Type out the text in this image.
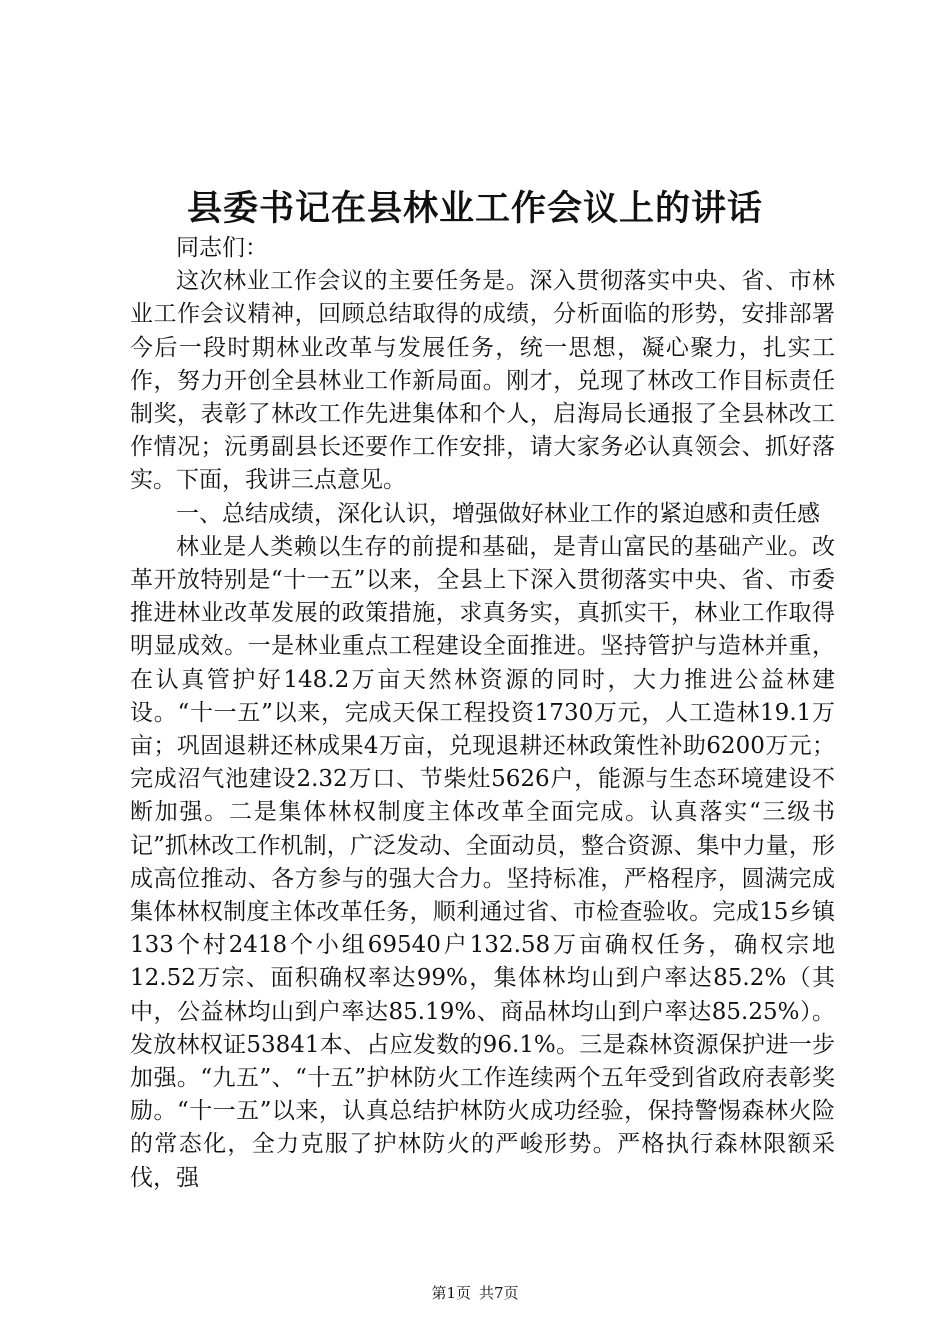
县委书记在县林业工作会议上的讲话

同志们：

这次林业工作会议的主要任务是。深入贯彻落实中央、省、市林业工作会议精神，回顾总结取得的成绩，分析面临的形势，安排部署今后一段时期林业改革与发展任务，统一思想，凝心聚力，扎实工作，努力开创全县林业工作新局面。刚才，兑现了林改工作目标责任制奖，表彰了林改工作先进集体和个人，启海局长通报了全县林改工作情况；沅勇副县长还要作工作安排，请大家务必认真领会、抓好落实。下面，我讲三点意见。

一、总结成绩，深化认识，增强做好林业工作的紧迫感和责任感

林业是人类赖以生存的前提和基础，是青山富民的基础产业。改革开放特别是“十一五”以来，全县上下深入贯彻落实中央、省、市委推进林业改革发展的政策措施，求真务实，真抓实干，林业工作取得明显成效。一是林业重点工程建设全面推进。坚持管护与造林并重，在认真管护好148.2万亩天然林资源的同时，大力推进公益林建设。“十一五”以来，完成天保工程投资1730万元，人工造林19.1万亩；巩固退耕还林成果4万亩，兑现退耕还林政策性补助6200万元；完成沼气池建设2.32万口、节柴灶5626户，能源与生态环境建设不断加强。二是集体林权制度主体改革全面完成。认真落实“三级书记”抓林改工作机制，广泛发动、全面动员，整合资源、集中力量，形成高位推动、各方参与的强大合力。坚持标准，严格程序，圆满完成集体林权制度主体改革任务，顺利通过省、市检查验收。完成15乡镇133个村2418个小组69540户132.58万亩确权任务，确权宗地12.52万宗、面积确权率达99%，集体林均山到户率达85.2%（其中，公益林均山到户率达85.19%、商品林均山到户率达85.25%）。发放林权证53841本、占应发数的96.1%。三是森林资源保护进一步加强。“九五”、“十五”护林防火工作连续两个五年受到省政府表彰奖励。“十一五”以来，认真总结护林防火成功经验，保持警惕森林火险的常态化，全力克服了护林防火的严峻形势。严格执行森林限额采伐，强

第1页 共7页
